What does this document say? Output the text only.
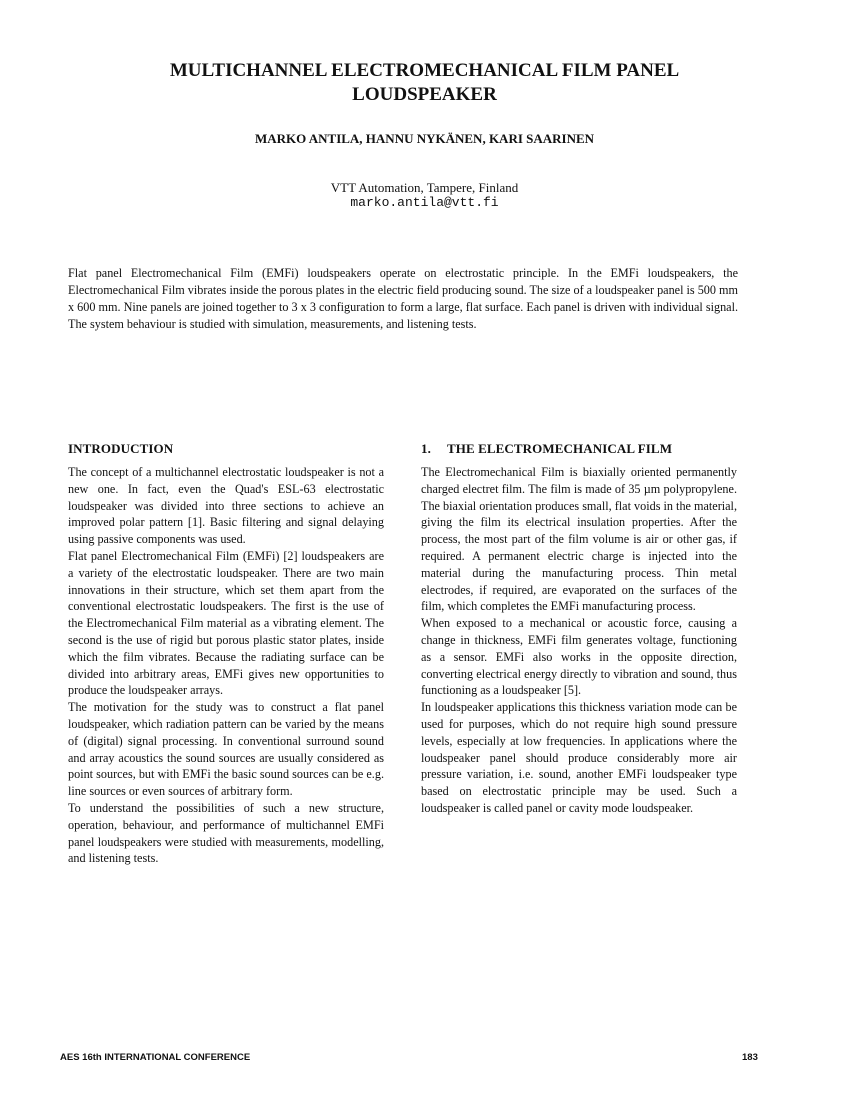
MULTICHANNEL ELECTROMECHANICAL FILM PANEL
LOUDSPEAKER
MARKO ANTILA, HANNU NYKÄNEN, KARI SAARINEN
VTT Automation, Tampere, Finland
marko.antila@vtt.fi

Flat panel Electromechanical Film (EMFi) loudspeakers operate on electrostatic principle. In the EMFi loudspeakers, the Electromechanical Film vibrates inside the porous plates in the electric field producing sound. The size of a loudspeaker panel is 500 mm x 600 mm. Nine panels are joined together to 3 x 3 configuration to form a large, flat surface. Each panel is driven with individual signal. The system behaviour is studied with simulation, measurements, and listening tests.

INTRODUCTION

The concept of a multichannel electrostatic loudspeaker is not a new one. In fact, even the Quad's ESL-63 electrostatic loudspeaker was divided into three sections to achieve an improved polar pattern [1]. Basic filtering and signal delaying using passive components was used.

Flat panel Electromechanical Film (EMFi) [2] loudspeakers are a variety of the electrostatic loudspeaker. There are two main innovations in their structure, which set them apart from the conventional electrostatic loudspeakers. The first is the use of the Electromechanical Film material as a vibrating element. The second is the use of rigid but porous plastic stator plates, inside which the film vibrates. Because the radiating surface can be divided into arbitrary areas, EMFi gives new opportunities to produce the loudspeaker arrays.

The motivation for the study was to construct a flat panel loudspeaker, which radiation pattern can be varied by the means of (digital) signal processing. In conventional surround sound and array acoustics the sound sources are usually considered as point sources, but with EMFi the basic sound sources can be e.g. line sources or even sources of arbitrary form.

To understand the possibilities of such a new structure, operation, behaviour, and performance of multichannel EMFi panel loudspeakers were studied with measurements, modelling, and listening tests.

1. THE ELECTROMECHANICAL FILM

The Electromechanical Film is biaxially oriented permanently charged electret film. The film is made of 35 µm polypropylene. The biaxial orientation produces small, flat voids in the material, giving the film its electrical insulation properties. After the process, the most part of the film volume is air or other gas, if required. A permanent electric charge is injected into the material during the manufacturing process. Thin metal electrodes, if required, are evaporated on the surfaces of the film, which completes the EMFi manufacturing process.

When exposed to a mechanical or acoustic force, causing a change in thickness, EMFi film generates voltage, functioning as a sensor. EMFi also works in the opposite direction, converting electrical energy directly to vibration and sound, thus functioning as a loudspeaker [5].

In loudspeaker applications this thickness variation mode can be used for purposes, which do not require high sound pressure levels, especially at low frequencies. In applications where the loudspeaker panel should produce considerably more air pressure variation, i.e. sound, another EMFi loudspeaker type based on electrostatic principle may be used. Such a loudspeaker is called panel or cavity mode loudspeaker.

AES 16th INTERNATIONAL CONFERENCE	183
